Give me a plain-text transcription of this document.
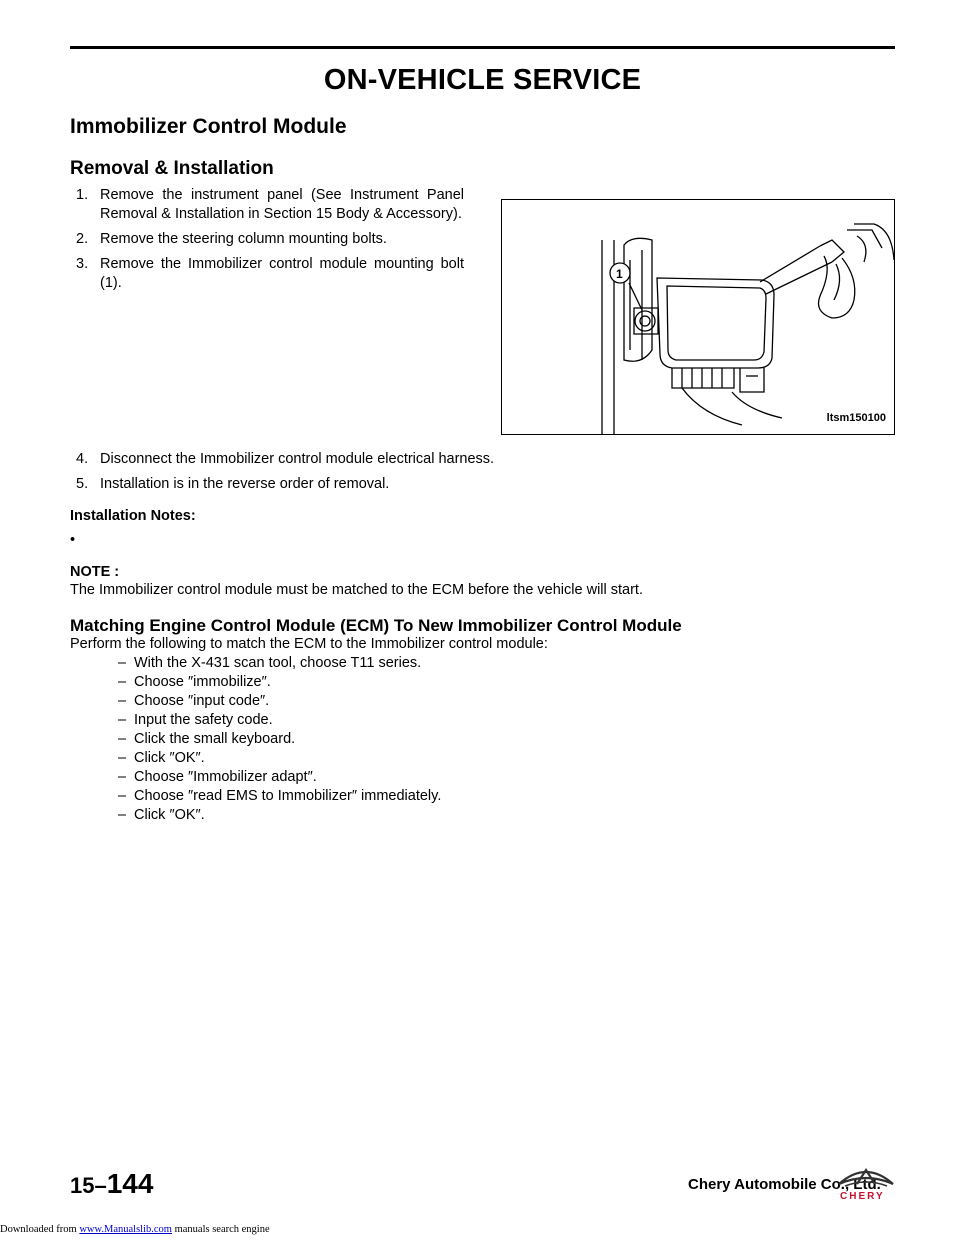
ON-VEHICLE SERVICE
Immobilizer Control Module
Removal & Installation
1. Remove the instrument panel (See Instrument Panel Removal & Installation in Section 15 Body & Accessory).
2. Remove the steering column mounting bolts.
3. Remove the Immobilizer control module mounting bolt (1).
1
ltsm150100
4. Disconnect the Immobilizer control module electrical harness.
5. Installation is in the reverse order of removal.
Installation Notes:
•
NOTE :
The Immobilizer control module must be matched to the ECM before the vehicle will start.
Matching Engine Control Module (ECM) To New Immobilizer Control Module
Perform the following to match the ECM to the Immobilizer control module:
– With the X-431 scan tool, choose T11 series.
– Choose ″immobilize″.
– Choose ″input code″.
– Input the safety code.
– Click the small keyboard.
– Click ″OK″.
– Choose ″Immobilizer adapt″.
– Choose ″read EMS to Immobilizer″ immediately.
– Click ″OK″.
15–144	Chery Automobile Co., Ltd.
CHERY
Downloaded from www.Manualslib.com manuals search engine
